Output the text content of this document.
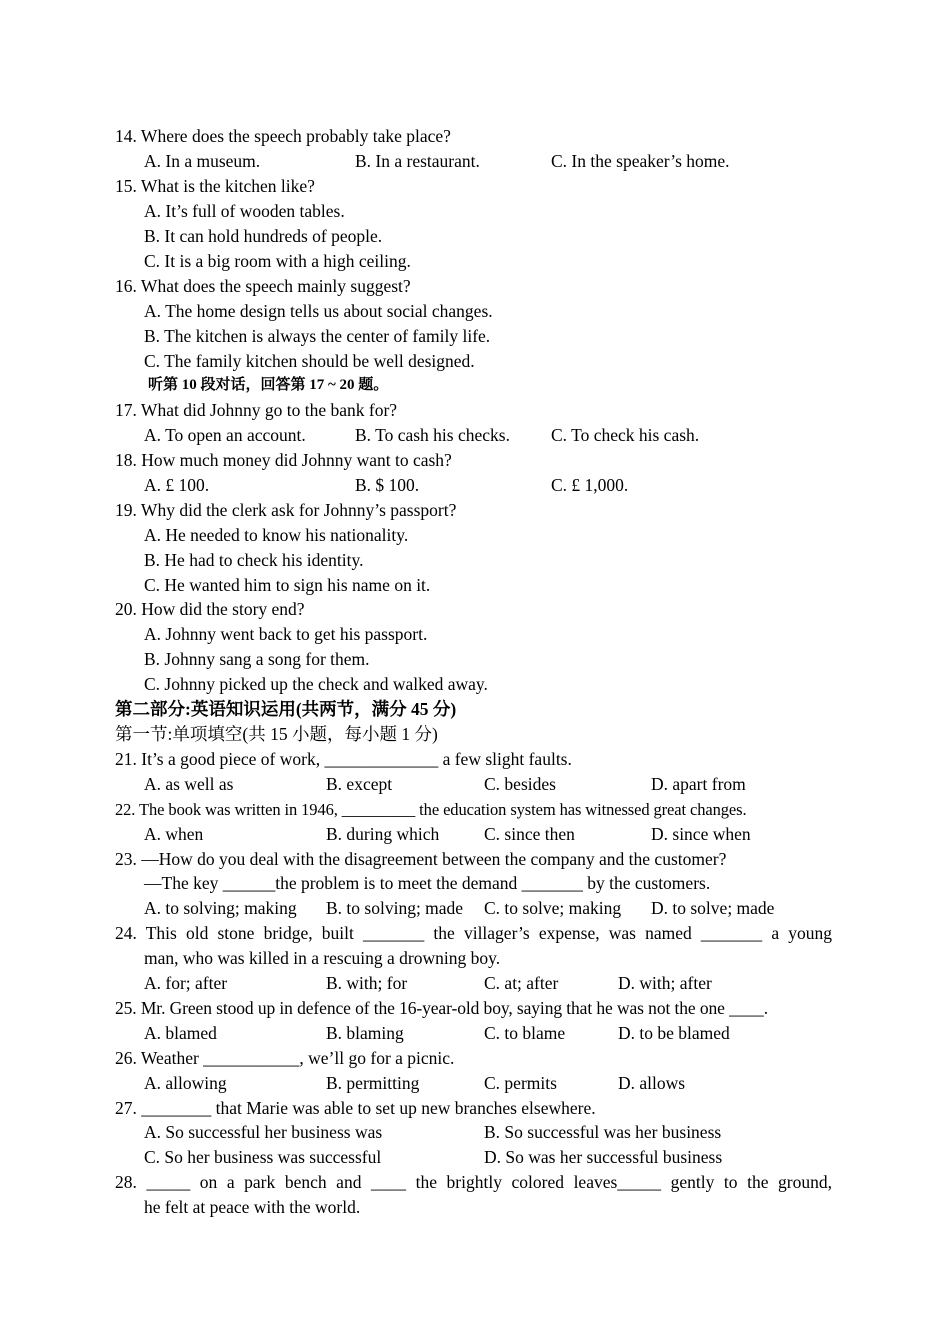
14. Where does the speech probably take place?
A. In a museum.	B. In a restaurant.	C. In the speaker’s home.
15. What is the kitchen like?
A. It’s full of wooden tables.
B. It can hold hundreds of people.
C. It is a big room with a high ceiling.
16. What does the speech mainly suggest?
A. The home design tells us about social changes.
B. The kitchen is always the center of family life.
C. The family kitchen should be well designed.
听第 10 段对话，回答第 17 ~ 20 题。
17. What did Johnny go to the bank for?
A. To open an account.	B. To cash his checks. C. To check his cash.
18. How much money did Johnny want to cash?
A. £ 100.	B. $ 100.	C. £ 1,000.
19. Why did the clerk ask for Johnny’s passport?
A. He needed to know his nationality.
B. He had to check his identity.
C. He wanted him to sign his name on it.
20. How did the story end?
A. Johnny went back to get his passport.
B. Johnny sang a song for them.
C. Johnny picked up the check and walked away.
第二部分:英语知识运用(共两节，满分 45 分)
第一节:单项填空(共 15 小题，每小题 1 分)
21. It’s a good piece of work, _____________ a few slight faults.
A. as well as	B. except	C. besides	D. apart from
22. The book was written in 1946, _________ the education system has witnessed great changes.
A. when	B. during which	C. since then	D. since when
23. —How do you deal with the disagreement between the company and the customer?
—The key ______the problem is to meet the demand _______ by the customers.
A. to solving; making B. to solving; made C. to solve; making D. to solve; made
24. This old stone bridge, built _______ the villager’s expense, was named _______ a young
man, who was killed in a rescuing a drowning boy.
A. for; after	B. with; for	C. at; after	D. with; after
25. Mr. Green stood up in defence of the 16-year-old boy, saying that he was not the one ____.
A. blamed	B. blaming	C. to blame	D. to be blamed
26. Weather ___________, we’ll go for a picnic.
A. allowing	B. permitting	C. permits	D. allows
27. ________ that Marie was able to set up new branches elsewhere.
A. So successful her business was	B. So successful was her business
C. So her business was successful	D. So was her successful business
28. _____ on a park bench and ____ the brightly colored leaves_____ gently to the ground,
he felt at peace with the world.
